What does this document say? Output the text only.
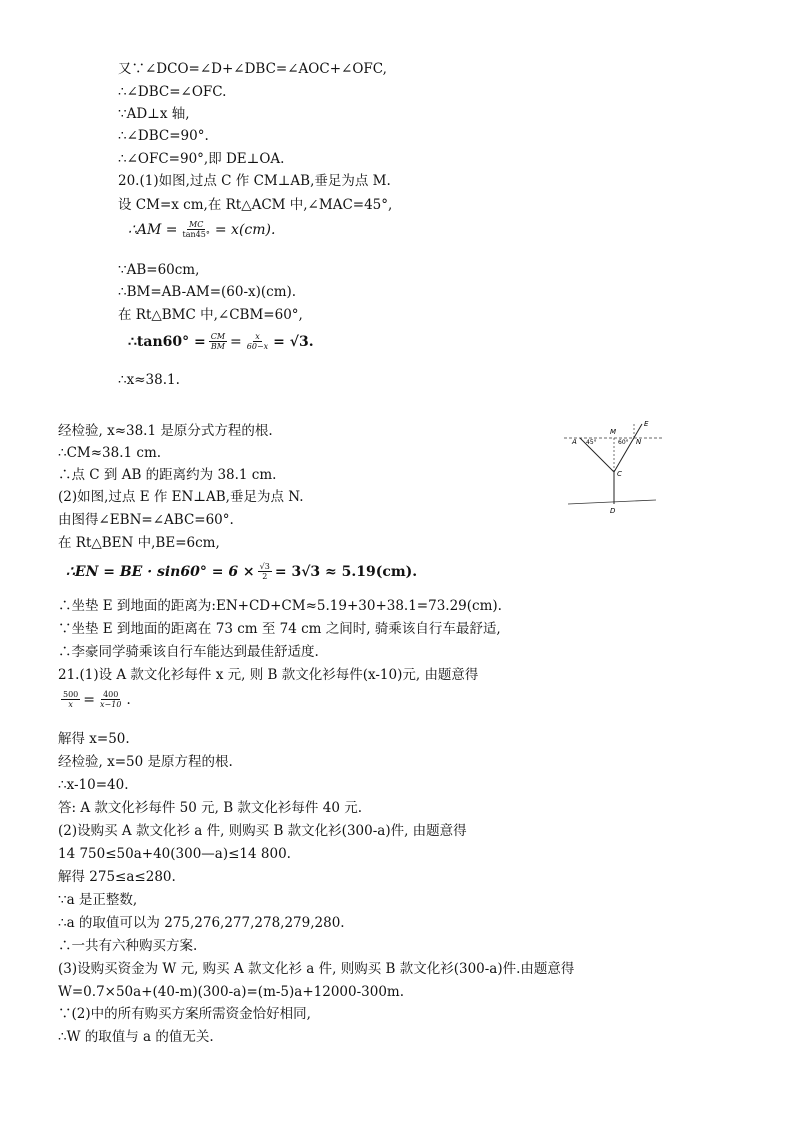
又∵∠DCO=∠D+∠DBC=∠AOC+∠OFC,
∴∠DBC=∠OFC.
∵AD⊥x 轴,
∴∠DBC=90°.
∴∠OFC=90°,即 DE⊥OA.
20.(1)如图,过点 C 作 CM⊥AB,垂足为点 M.
设 CM=x cm,在 Rt△ACM 中,∠MAC=45°,
∴AM = $\frac{MC}{\tan 45^\circ} = x(cm)$.
∵AB=60cm,
∴BM=AB-AM=(60-x)(cm).
在 Rt△BMC 中,∠CBM=60°,
∴tan60° = $\frac{CM}{BM} = \frac{x}{60-x} = √3$.
∴x≈38.1.
经检验, x≈38.1 是原分式方程的根.
∴CM≈38.1 cm.
∴点 C 到 AB 的距离约为 38.1 cm.
(2)如图,过点 E 作 EN⊥AB,垂足为点 N.
由图得∠EBN=∠ABC=60°.
在 Rt△BEN 中,BE=6cm,
∴EN = BE · $\sin 60^\circ = 6 \times \frac{√3}{2} = 3√3 \approx 5.19(cm)$.
∴坐垫 E 到地面的距离为:EN+CD+CM≈5.19+30+38.1=73.29(cm).
∵坐垫 E 到地面的距离在 73 cm 至 74 cm 之间时, 骑乘该自行车最舒适,
∴李豪同学骑乘该自行车能达到最佳舒适度.
21.(1)设 A 款文化衫每件 x 元, 则 B 款文化衫每件(x-10)元, 由题意得
$\frac{500}{x} = \frac{400}{x-10}$ .
解得 x=50.
经检验, x=50 是原方程的根.
∴x-10=40.
答: A 款文化衫每件 50 元, B 款文化衫每件 40 元.
(2)设购买 A 款文化衫 a 件, 则购买 B 款文化衫(300-a)件, 由题意得
14 750≤50a+40(300—a)≤14 800.
解得 275≤a≤280.
∵a 是正整数,
∴a 的取值可以为 275,276,277,278,279,280.
∴一共有六种购买方案.
(3)设购买资金为 W 元, 购买 A 款文化衫 a 件, 则购买 B 款文化衫(300-a)件.由题意得
W=0.7×50a+(40-m)(300-a)=(m-5)a+12000-300m.
∵(2)中的所有购买方案所需资金恰好相同,
∴W 的取值与 a 的值无关.
A 45°
M
60° N
E
C
D
